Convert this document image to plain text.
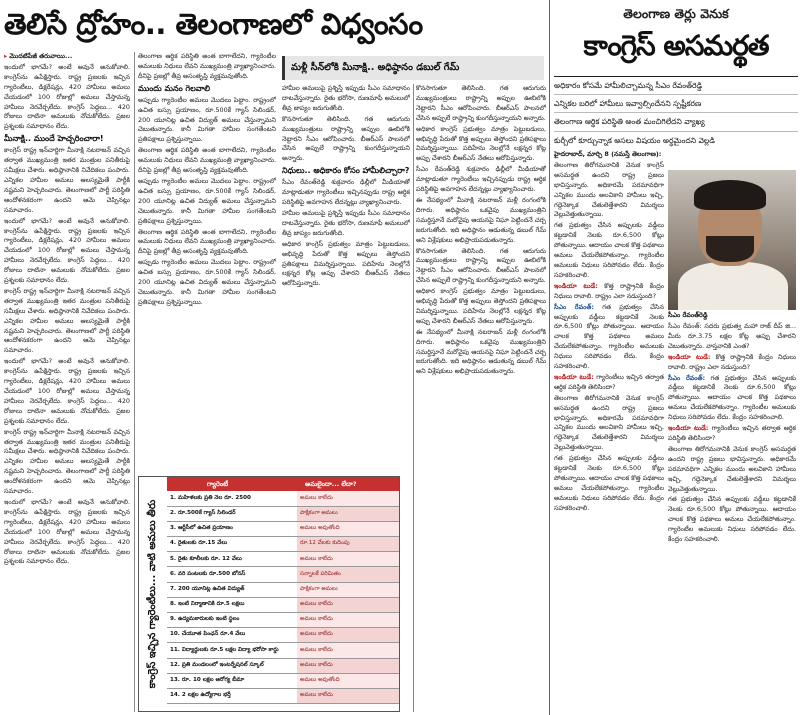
తెలిసే ద్రోహం.. తెలంగాణలో విధ్వంసం

▸ మొదటిపేజీ తరువాయి...

ఇందులో భాగమే? అంటే అవునే అనుకోవాలి. కాంగ్రెస్‌ను ఉపేక్షిస్తారు. రాష్ట్ర ప్రజలకు ఇచ్చిన గ్యారెంటీలు, డిక్లరేషన్లు, 420 హామీలు అమలు చేయడంలో 100 రోజుల్లో అమలు చేస్తామన్న హామీలు నెరవేర్చలేదు. కాంగ్రెస్ పెద్దలు... 420 రోజులు దాటినా అమలుకు నోచుకోలేదు. ప్రజల ప్రశ్నలకు సమాధానం లేదు.

మీనాక్షి.. ముందే హెచ్చరించారా!

కాంగ్రెస్ రాష్ట్ర ఇన్‌చార్జిగా మీనాక్షి నటరాజన్ వచ్చిన తర్వాత ముఖ్యమంత్రి ఇతర మంత్రుల పనితీరుపై సమీక్షలు చేశారు. అధిష్ఠానానికి నివేదికలు పంపారు. ఎన్నికల హామీల అమలు ఆలస్యమైతే పార్టీకి నష్టమని హెచ్చరించారు. తెలంగాణలో పార్టీ పరిస్థితి ఆందోళనకరంగా ఉందని ఆమె చెప్పినట్లు సమాచారం.

ఇందులో భాగమే? అంటే అవునే అనుకోవాలి. కాంగ్రెస్‌ను ఉపేక్షిస్తారు. రాష్ట్ర ప్రజలకు ఇచ్చిన గ్యారెంటీలు, డిక్లరేషన్లు, 420 హామీలు అమలు చేయడంలో 100 రోజుల్లో అమలు చేస్తామన్న హామీలు నెరవేర్చలేదు. కాంగ్రెస్ పెద్దలు... 420 రోజులు దాటినా అమలుకు నోచుకోలేదు. ప్రజల ప్రశ్నలకు సమాధానం లేదు.

కాంగ్రెస్ రాష్ట్ర ఇన్‌చార్జిగా మీనాక్షి నటరాజన్ వచ్చిన తర్వాత ముఖ్యమంత్రి ఇతర మంత్రుల పనితీరుపై సమీక్షలు చేశారు. అధిష్ఠానానికి నివేదికలు పంపారు. ఎన్నికల హామీల అమలు ఆలస్యమైతే పార్టీకి నష్టమని హెచ్చరించారు. తెలంగాణలో పార్టీ పరిస్థితి ఆందోళనకరంగా ఉందని ఆమె చెప్పినట్లు సమాచారం.

ఇందులో భాగమే? అంటే అవునే అనుకోవాలి. కాంగ్రెస్‌ను ఉపేక్షిస్తారు. రాష్ట్ర ప్రజలకు ఇచ్చిన గ్యారెంటీలు, డిక్లరేషన్లు, 420 హామీలు అమలు చేయడంలో 100 రోజుల్లో అమలు చేస్తామన్న హామీలు నెరవేర్చలేదు. కాంగ్రెస్ పెద్దలు... 420 రోజులు దాటినా అమలుకు నోచుకోలేదు. ప్రజల ప్రశ్నలకు సమాధానం లేదు.

కాంగ్రెస్ రాష్ట్ర ఇన్‌చార్జిగా మీనాక్షి నటరాజన్ వచ్చిన తర్వాత ముఖ్యమంత్రి ఇతర మంత్రుల పనితీరుపై సమీక్షలు చేశారు. అధిష్ఠానానికి నివేదికలు పంపారు. ఎన్నికల హామీల అమలు ఆలస్యమైతే పార్టీకి నష్టమని హెచ్చరించారు. తెలంగాణలో పార్టీ పరిస్థితి ఆందోళనకరంగా ఉందని ఆమె చెప్పినట్లు సమాచారం.

ఇందులో భాగమే? అంటే అవునే అనుకోవాలి. కాంగ్రెస్‌ను ఉపేక్షిస్తారు. రాష్ట్ర ప్రజలకు ఇచ్చిన గ్యారెంటీలు, డిక్లరేషన్లు, 420 హామీలు అమలు చేయడంలో 100 రోజుల్లో అమలు చేస్తామన్న హామీలు నెరవేర్చలేదు. కాంగ్రెస్ పెద్దలు... 420 రోజులు దాటినా అమలుకు నోచుకోలేదు. ప్రజల ప్రశ్నలకు సమాధానం లేదు.

తెలంగాణ ఆర్థిక పరిస్థితి అంత బాగాలేదని, గ్యారెంటీల అమలుకు నిధులు లేవని ముఖ్యమంత్రి వ్యాఖ్యానించారు. దీనిపై ప్రజల్లో తీవ్ర అసంతృప్తి వ్యక్తమవుతోంది.

ముందు మనం గెలవాలి

అప్పుడు గ్యారెంటీల అమలు మొదలు పెట్టాం. రాష్ట్రంలో ఉచిత బస్సు ప్రయాణం, రూ.500కే గ్యాస్ సిలిండర్, 200 యూనిట్ల ఉచిత విద్యుత్ అమలు చేస్తున్నామని చెబుతున్నారు. కానీ మిగతా హామీల సంగతేంటని ప్రతిపక్షాలు ప్రశ్నిస్తున్నాయి.

తెలంగాణ ఆర్థిక పరిస్థితి అంత బాగాలేదని, గ్యారెంటీల అమలుకు నిధులు లేవని ముఖ్యమంత్రి వ్యాఖ్యానించారు. దీనిపై ప్రజల్లో తీవ్ర అసంతృప్తి వ్యక్తమవుతోంది.

అప్పుడు గ్యారెంటీల అమలు మొదలు పెట్టాం. రాష్ట్రంలో ఉచిత బస్సు ప్రయాణం, రూ.500కే గ్యాస్ సిలిండర్, 200 యూనిట్ల ఉచిత విద్యుత్ అమలు చేస్తున్నామని చెబుతున్నారు. కానీ మిగతా హామీల సంగతేంటని ప్రతిపక్షాలు ప్రశ్నిస్తున్నాయి.

తెలంగాణ ఆర్థిక పరిస్థితి అంత బాగాలేదని, గ్యారెంటీల అమలుకు నిధులు లేవని ముఖ్యమంత్రి వ్యాఖ్యానించారు. దీనిపై ప్రజల్లో తీవ్ర అసంతృప్తి వ్యక్తమవుతోంది.

అప్పుడు గ్యారెంటీల అమలు మొదలు పెట్టాం. రాష్ట్రంలో ఉచిత బస్సు ప్రయాణం, రూ.500కే గ్యాస్ సిలిండర్, 200 యూనిట్ల ఉచిత విద్యుత్ అమలు చేస్తున్నామని చెబుతున్నారు. కానీ మిగతా హామీల సంగతేంటని ప్రతిపక్షాలు ప్రశ్నిస్తున్నాయి.

మళ్లీ సీన్‌లోకి మీనాక్షి.. అధిష్ఠానం డబుల్ గేమ్

హామీల అమలుపై ప్రశ్నిస్తే ఇప్పుడు సీఎం సమాధానం దాటవేస్తున్నారు. రైతు భరోసా, రుణమాఫీ అమలులో తీవ్ర జాప్యం జరుగుతోంది.

కొనసాగుతూ తెలిసింది. గత ఆరుగురు ముఖ్యమంత్రులు రాష్ట్రాన్ని అప్పుల ఊబిలోకి నెట్టారని సీఎం ఆరోపించారు. బీఆర్‌ఎస్ పాలనలో చేసిన అప్పులే రాష్ట్రాన్ని కుంగదీస్తున్నాయని అన్నారు.

నిధులు.. అధికారం కోసం హామీలిచ్చారా?

సీఎం రేవంత్‌రెడ్డి శుక్రవారం ఢిల్లీలో మీడియాతో మాట్లాడుతూ గ్యారెంటీలు ఇచ్చినప్పుడు రాష్ట్ర ఆర్థిక పరిస్థితిపై అవగాహన లేదన్నట్లు వ్యాఖ్యానించారు.

హామీల అమలుపై ప్రశ్నిస్తే ఇప్పుడు సీఎం సమాధానం దాటవేస్తున్నారు. రైతు భరోసా, రుణమాఫీ అమలులో తీవ్ర జాప్యం జరుగుతోంది.

అధికార కాంగ్రెస్ ప్రభుత్వం మాత్రం పెట్టుబడులు, అభివృద్ధి పేరుతో కొత్త అప్పులు తెస్తోందని ప్రతిపక్షాలు విమర్శిస్తున్నాయి. పదిహేను నెలల్లోనే లక్షన్నర కోట్ల అప్పు చేశారని బీఆర్‌ఎస్ నేతలు ఆరోపిస్తున్నారు.

కొనసాగుతూ తెలిసింది. గత ఆరుగురు ముఖ్యమంత్రులు రాష్ట్రాన్ని అప్పుల ఊబిలోకి నెట్టారని సీఎం ఆరోపించారు. బీఆర్‌ఎస్ పాలనలో చేసిన అప్పులే రాష్ట్రాన్ని కుంగదీస్తున్నాయని అన్నారు.

అధికార కాంగ్రెస్ ప్రభుత్వం మాత్రం పెట్టుబడులు, అభివృద్ధి పేరుతో కొత్త అప్పులు తెస్తోందని ప్రతిపక్షాలు విమర్శిస్తున్నాయి. పదిహేను నెలల్లోనే లక్షన్నర కోట్ల అప్పు చేశారని బీఆర్‌ఎస్ నేతలు ఆరోపిస్తున్నారు.

సీఎం రేవంత్‌రెడ్డి శుక్రవారం ఢిల్లీలో మీడియాతో మాట్లాడుతూ గ్యారెంటీలు ఇచ్చినప్పుడు రాష్ట్ర ఆర్థిక పరిస్థితిపై అవగాహన లేదన్నట్లు వ్యాఖ్యానించారు.

ఈ నేపథ్యంలో మీనాక్షి నటరాజన్ మళ్లీ రంగంలోకి దిగారు. అధిష్ఠానం ఒకవైపు ముఖ్యమంత్రిని సమర్థిస్తూనే మరోవైపు ఆయనపై నిఘా పెట్టిందనే చర్చ జరుగుతోంది. ఇది అధిష్ఠానం ఆడుతున్న డబుల్ గేమ్ అని విశ్లేషకులు అభిప్రాయపడుతున్నారు.

కొనసాగుతూ తెలిసింది. గత ఆరుగురు ముఖ్యమంత్రులు రాష్ట్రాన్ని అప్పుల ఊబిలోకి నెట్టారని సీఎం ఆరోపించారు. బీఆర్‌ఎస్ పాలనలో చేసిన అప్పులే రాష్ట్రాన్ని కుంగదీస్తున్నాయని అన్నారు.

అధికార కాంగ్రెస్ ప్రభుత్వం మాత్రం పెట్టుబడులు, అభివృద్ధి పేరుతో కొత్త అప్పులు తెస్తోందని ప్రతిపక్షాలు విమర్శిస్తున్నాయి. పదిహేను నెలల్లోనే లక్షన్నర కోట్ల అప్పు చేశారని బీఆర్‌ఎస్ నేతలు ఆరోపిస్తున్నారు.

ఈ నేపథ్యంలో మీనాక్షి నటరాజన్ మళ్లీ రంగంలోకి దిగారు. అధిష్ఠానం ఒకవైపు ముఖ్యమంత్రిని సమర్థిస్తూనే మరోవైపు ఆయనపై నిఘా పెట్టిందనే చర్చ జరుగుతోంది. ఇది అధిష్ఠానం ఆడుతున్న డబుల్ గేమ్ అని విశ్లేషకులు అభిప్రాయపడుతున్నారు.

కాంగ్రెస్ ఇచ్చిన గ్యారెంటీలు... వాటి అమలు తీరు
గ్యారెంటీ	అమలైందా... లేదా?
1. మహిళలకు ప్రతి నెల రూ. 2500	అమలు కాలేదు
2. రూ.500కే గ్యాస్ సిలిండర్	పాక్షికంగా అమలు
3. ఆర్టీసీలో ఉచిత ప్రయాణం	అమలు అవుతోంది
4. రైతులకు రూ.15 వేలు	రూ.12 వేలకు కుదింపు
5. రైతు కూలీలకు రూ. 12 వేలు	అమలు కాలేదు
6. వరి పంటలకు రూ.500 బోనస్	సన్నాలకే పరిమితం
7. 200 యూనిట్ల ఉచిత విద్యుత్	పాక్షికంగా అమలు
8. ఇంటి నిర్మాణానికి రూ.5 లక్షలు	అమలు కాలేదు
9. ఉద్యమకారులకు ఇంటి స్థలం	అమలు కాలేదు
10. చేయూత పింఛన్ రూ.4 వేలు	అమలు కాలేదు
11. విద్యార్థులకు రూ.5 లక్షల విద్యా భరోసా కార్డు	అమలు కాలేదు
12. ప్రతి మండలంలో ఇంటర్నేషనల్ స్కూల్	అమలు కాలేదు
13. రూ. 10 లక్షల ఆరోగ్య బీమా	అమలు అవుతోంది
14. 2 లక్షల ఉద్యోగాల భర్తీ	అమలు కాలేదు
తెలంగాణ తెర్లు వెనుక
కాంగ్రెస్ అసమర్థత
అధికారం కోసమే హామీలిచ్చామన్న సీఎం రేవంత్‌రెడ్డి
ఎన్నికల బరిలో హామీలు ఇవ్వాల్సిందేనని స్పష్టీకరణ
తెలంగాణ ఆర్థిక పరిస్థితి అంత మంచిగిలేదని వ్యాఖ్య
కుర్చీలో కూర్చున్నాక అసలు విషయం అర్థమైందని వెల్లడి

హైదరాబాద్, మార్చి 8 (నమస్తే తెలంగాణ):

తెలంగాణ తిరోగమనానికి వెనుక కాంగ్రెస్ అసమర్థత ఉందని రాష్ట్ర ప్రజలు భావిస్తున్నారు. అధికారమే పరమావధిగా ఎన్నికల ముందు అలవికాని హామీలు ఇచ్చి, గద్దెనెక్కాక చేతులెత్తేశారని విమర్శలు వెల్లువెత్తుతున్నాయి.

గత ప్రభుత్వం చేసిన అప్పులకు వడ్డీలు కట్టడానికే నెలకు రూ.6,500 కోట్లు పోతున్నాయి. ఆదాయం చాలక కొత్త పథకాలు అమలు చేయలేకపోతున్నాం. గ్యారెంటీల అమలుకు నిధులు సరిపోవడం లేదు. కేంద్రం సహకరించాలి.

ఇండియా టుడే: కొత్త రాష్ట్రానికి కేంద్రం నిధులు రావాలి. రాష్ట్రం ఎలా నడుస్తుంది?

సీఎం రేవంత్: గత ప్రభుత్వం చేసిన అప్పులకు వడ్డీలు కట్టడానికే నెలకు రూ.6,500 కోట్లు పోతున్నాయి. ఆదాయం చాలక కొత్త పథకాలు అమలు చేయలేకపోతున్నాం. గ్యారెంటీల అమలుకు నిధులు సరిపోవడం లేదు. కేంద్రం సహకరించాలి.

ఇండియా టుడే: గ్యారెంటీలు ఇచ్చిన తర్వాత ఆర్థిక పరిస్థితి తెలిసిందా?

తెలంగాణ తిరోగమనానికి వెనుక కాంగ్రెస్ అసమర్థత ఉందని రాష్ట్ర ప్రజలు భావిస్తున్నారు. అధికారమే పరమావధిగా ఎన్నికల ముందు అలవికాని హామీలు ఇచ్చి, గద్దెనెక్కాక చేతులెత్తేశారని విమర్శలు వెల్లువెత్తుతున్నాయి.

గత ప్రభుత్వం చేసిన అప్పులకు వడ్డీలు కట్టడానికే నెలకు రూ.6,500 కోట్లు పోతున్నాయి. ఆదాయం చాలక కొత్త పథకాలు అమలు చేయలేకపోతున్నాం. గ్యారెంటీల అమలుకు నిధులు సరిపోవడం లేదు. కేంద్రం సహకరించాలి.

సీఎం రేవంత్‌రెడ్డి

సీఎం రేవంత్: సదరు ప్రభుత్వ మహా రాజ్ దీప్ జి... మీరు రూ.3.75 లక్షల కోట్ల అప్పు చేశారని చెబుతున్నారు. వాస్తవానికి ఎంత?

ఇండియా టుడే: కొత్త రాష్ట్రానికి కేంద్రం నిధులు రావాలి. రాష్ట్రం ఎలా నడుస్తుంది?

సీఎం రేవంత్: గత ప్రభుత్వం చేసిన అప్పులకు వడ్డీలు కట్టడానికే నెలకు రూ.6,500 కోట్లు పోతున్నాయి. ఆదాయం చాలక కొత్త పథకాలు అమలు చేయలేకపోతున్నాం. గ్యారెంటీల అమలుకు నిధులు సరిపోవడం లేదు. కేంద్రం సహకరించాలి.

ఇండియా టుడే: గ్యారెంటీలు ఇచ్చిన తర్వాత ఆర్థిక పరిస్థితి తెలిసిందా?

తెలంగాణ తిరోగమనానికి వెనుక కాంగ్రెస్ అసమర్థత ఉందని రాష్ట్ర ప్రజలు భావిస్తున్నారు. అధికారమే పరమావధిగా ఎన్నికల ముందు అలవికాని హామీలు ఇచ్చి, గద్దెనెక్కాక చేతులెత్తేశారని విమర్శలు వెల్లువెత్తుతున్నాయి.

గత ప్రభుత్వం చేసిన అప్పులకు వడ్డీలు కట్టడానికే నెలకు రూ.6,500 కోట్లు పోతున్నాయి. ఆదాయం చాలక కొత్త పథకాలు అమలు చేయలేకపోతున్నాం. గ్యారెంటీల అమలుకు నిధులు సరిపోవడం లేదు. కేంద్రం సహకరించాలి.
